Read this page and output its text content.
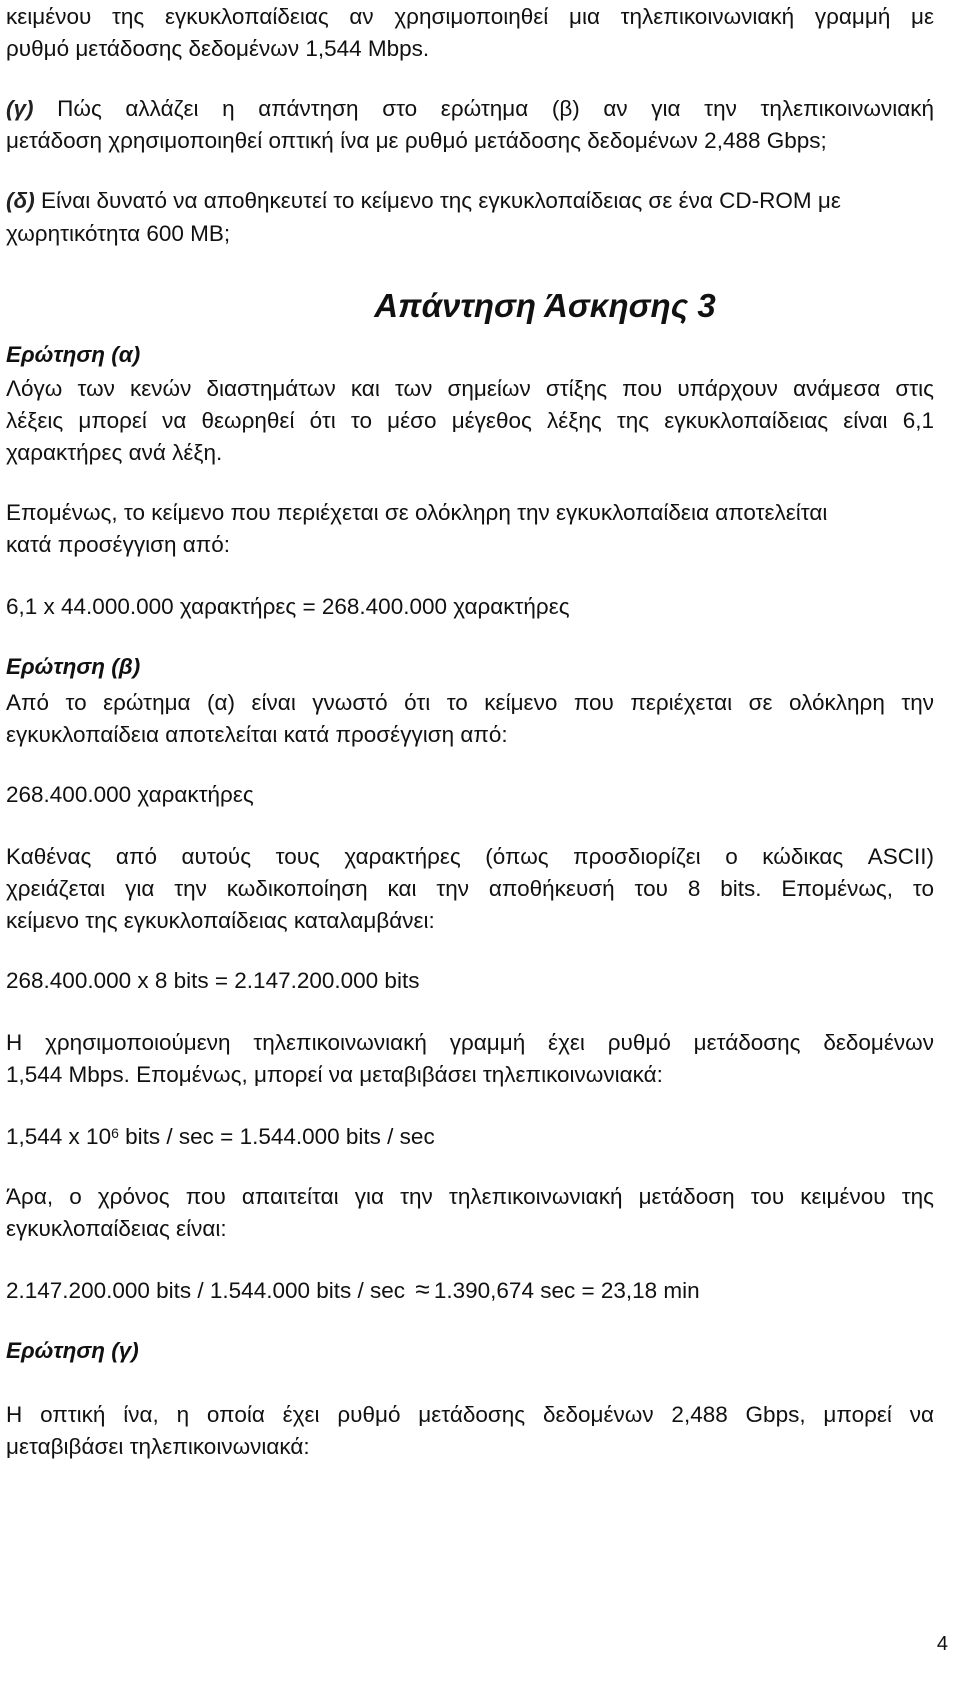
κειμένου της εγκυκλοπαίδειας αν χρησιμοποιηθεί μια τηλεπικοινωνιακή γραμμή με
ρυθμό μετάδοσης δεδομένων 1,544 Mbps.
(γ) Πώς αλλάζει η απάντηση στο ερώτημα (β) αν για την τηλεπικοινωνιακή
μετάδοση χρησιμοποιηθεί οπτική ίνα με ρυθμό μετάδοσης δεδομένων 2,488 Gbps;
(δ) Είναι δυνατό να αποθηκευτεί το κείμενο της εγκυκλοπαίδειας σε ένα CD-ROM με
χωρητικότητα 600 MB;
Απάντηση Άσκησης 3
Ερώτηση (α)
Λόγω των κενών διαστημάτων και των σημείων στίξης που υπάρχουν ανάμεσα στις
λέξεις μπορεί να θεωρηθεί ότι το μέσο μέγεθος λέξης της εγκυκλοπαίδειας είναι 6,1
χαρακτήρες ανά λέξη.
Επομένως, το κείμενο που περιέχεται σε ολόκληρη την εγκυκλοπαίδεια αποτελείται
κατά προσέγγιση από:
6,1 x 44.000.000 χαρακτήρες = 268.400.000 χαρακτήρες
Ερώτηση (β)
Από το ερώτημα (α) είναι γνωστό ότι το κείμενο που περιέχεται σε ολόκληρη την
εγκυκλοπαίδεια αποτελείται κατά προσέγγιση από:
268.400.000 χαρακτήρες
Καθένας από αυτούς τους χαρακτήρες (όπως προσδιορίζει ο κώδικας ASCII)
χρειάζεται για την κωδικοποίηση και την αποθήκευσή του 8 bits. Επομένως, το
κείμενο της εγκυκλοπαίδειας καταλαμβάνει:
268.400.000 x 8 bits = 2.147.200.000 bits
Η χρησιμοποιούμενη τηλεπικοινωνιακή γραμμή έχει ρυθμό μετάδοσης δεδομένων
1,544 Mbps. Επομένως, μπορεί να μεταβιβάσει τηλεπικοινωνιακά:
1,544 x $10^6$ bits / sec = 1.544.000 bits / sec
Άρα, ο χρόνος που απαιτείται για την τηλεπικοινωνιακή μετάδοση του κειμένου της
εγκυκλοπαίδειας είναι:
2.147.200.000 bits / 1.544.000 bits / sec ≈ 1.390,674 sec = 23,18 min
Ερώτηση (γ)
Η οπτική ίνα, η οποία έχει ρυθμό μετάδοσης δεδομένων 2,488 Gbps, μπορεί να
μεταβιβάσει τηλεπικοινωνιακά:
4
